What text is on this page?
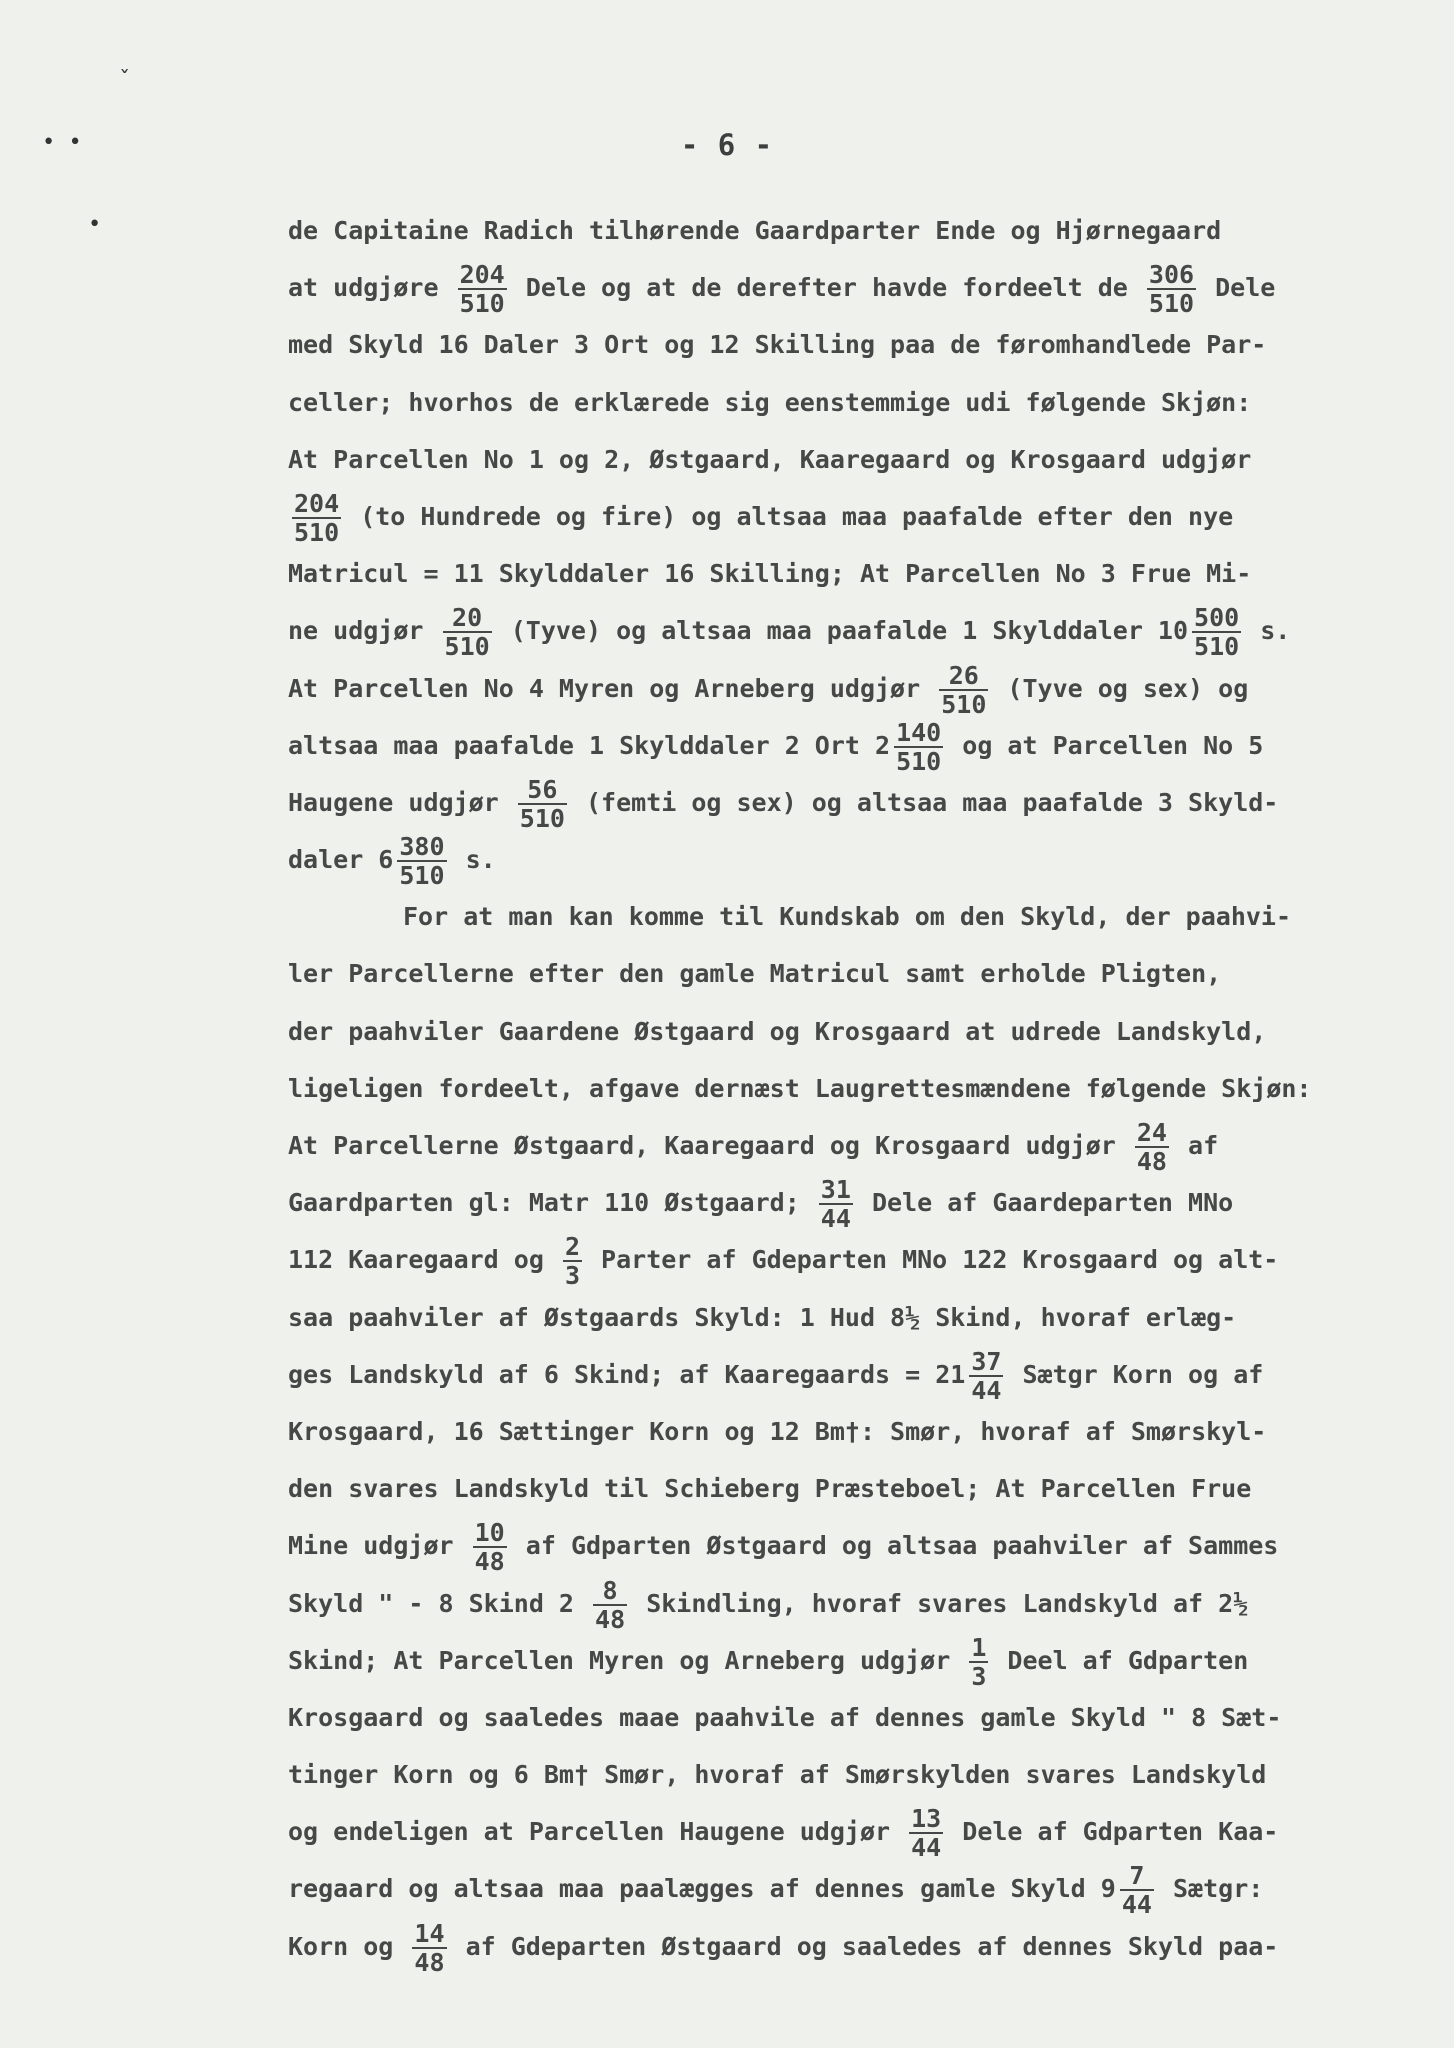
• •
•
ˇ
- 6 -
de Capitaine Radich tilhørende Gaardparter Ende og Hjørnegaard
at udgjøre $\frac{204}{510}$ Dele og at de derefter havde fordeelt de $\frac{306}{510}$ Dele
med Skyld 16 Daler 3 Ort og 12 Skilling paa de føromhandlede Par-
celler; hvorhos de erklærede sig eenstemmige udi følgende Skjøn:
At Parcellen No 1 og 2, Østgaard, Kaaregaard og Krosgaard udgjør
$\frac{204}{510} (to$ Hundrede og fire) og altsaa maa paafalde efter den nye
Matricul = 11 Skylddaler 16 Skilling; At Parcellen No 3 Frue Mi-
ne udgjør $\frac{20}{510}$ (Tyve) og altsaa maa paafalde 1 Skylddaler $10 \frac{500}{510} s$.
At Parcellen No 4 Myren og Arneberg udgjør $\frac{26}{510}$ (Tyve og sex) og
altsaa maa paafalde 1 Skylddaler 2 Ort $2 \frac{140}{510}$ og at Parcellen No 5
Haugene udgjør $\frac{56}{510}$ (femti og sex) og altsaa maa paafalde 3 Skyld-
daler $6 \frac{380}{510} s$.
For at man kan komme til Kundskab om den Skyld, der paahvi-
ler Parcellerne efter den gamle Matricul samt erholde Pligten,
der paahviler Gaardene Østgaard og Krosgaard at udrede Landskyld,
ligeligen fordeelt, afgave dernæst Laugrettesmændene følgende Skjøn:
At Parcellerne Østgaard, Kaaregaard og Krosgaard udgjør $\frac{24}{48}$ af
Gaardparten gl: Matr 110 Østgaard; $\frac{31}{44}$ Dele af Gaardeparten MNo
112 Kaaregaard og $\frac{2}{3}$ Parter af Gdeparten MNo 122 Krosgaard og alt-
saa paahviler af Østgaards Skyld: 1 Hud 8½ Skind, hvoraf erlæg-
ges Landskyld af 6 Skind; af Kaaregaards = $21 \frac{37}{44}$ Sætgr Korn og af
Krosgaard, 16 Sættinger Korn og 12 Bm†: Smør, hvoraf af Smørskyl-
den svares Landskyld til Schieberg Præsteboel; At Parcellen Frue
Mine udgjør $\frac{10}{48}$ af Gdparten Østgaard og altsaa paahviler af Sammes
Skyld " - 8 Skind $2 \frac{8}{48}$ Skindling, hvoraf svares Landskyld af 2½
Skind; At Parcellen Myren og Arneberg udgjør $\frac{1}{3}$ Deel af Gdparten
Krosgaard og saaledes maae paahvile af dennes gamle Skyld " 8 Sæt-
tinger Korn og 6 Bm† Smør, hvoraf af Smørskylden svares Landskyld
og endeligen at Parcellen Haugene udgjør $\frac{13}{44}$ Dele af Gdparten Kaa-
regaard og altsaa maa paalægges af dennes gamle Skyld $9 \frac{7}{44}$ Sætgr:
Korn og $\frac{14}{48}$ af Gdeparten Østgaard og saaledes af dennes Skyld paa-
